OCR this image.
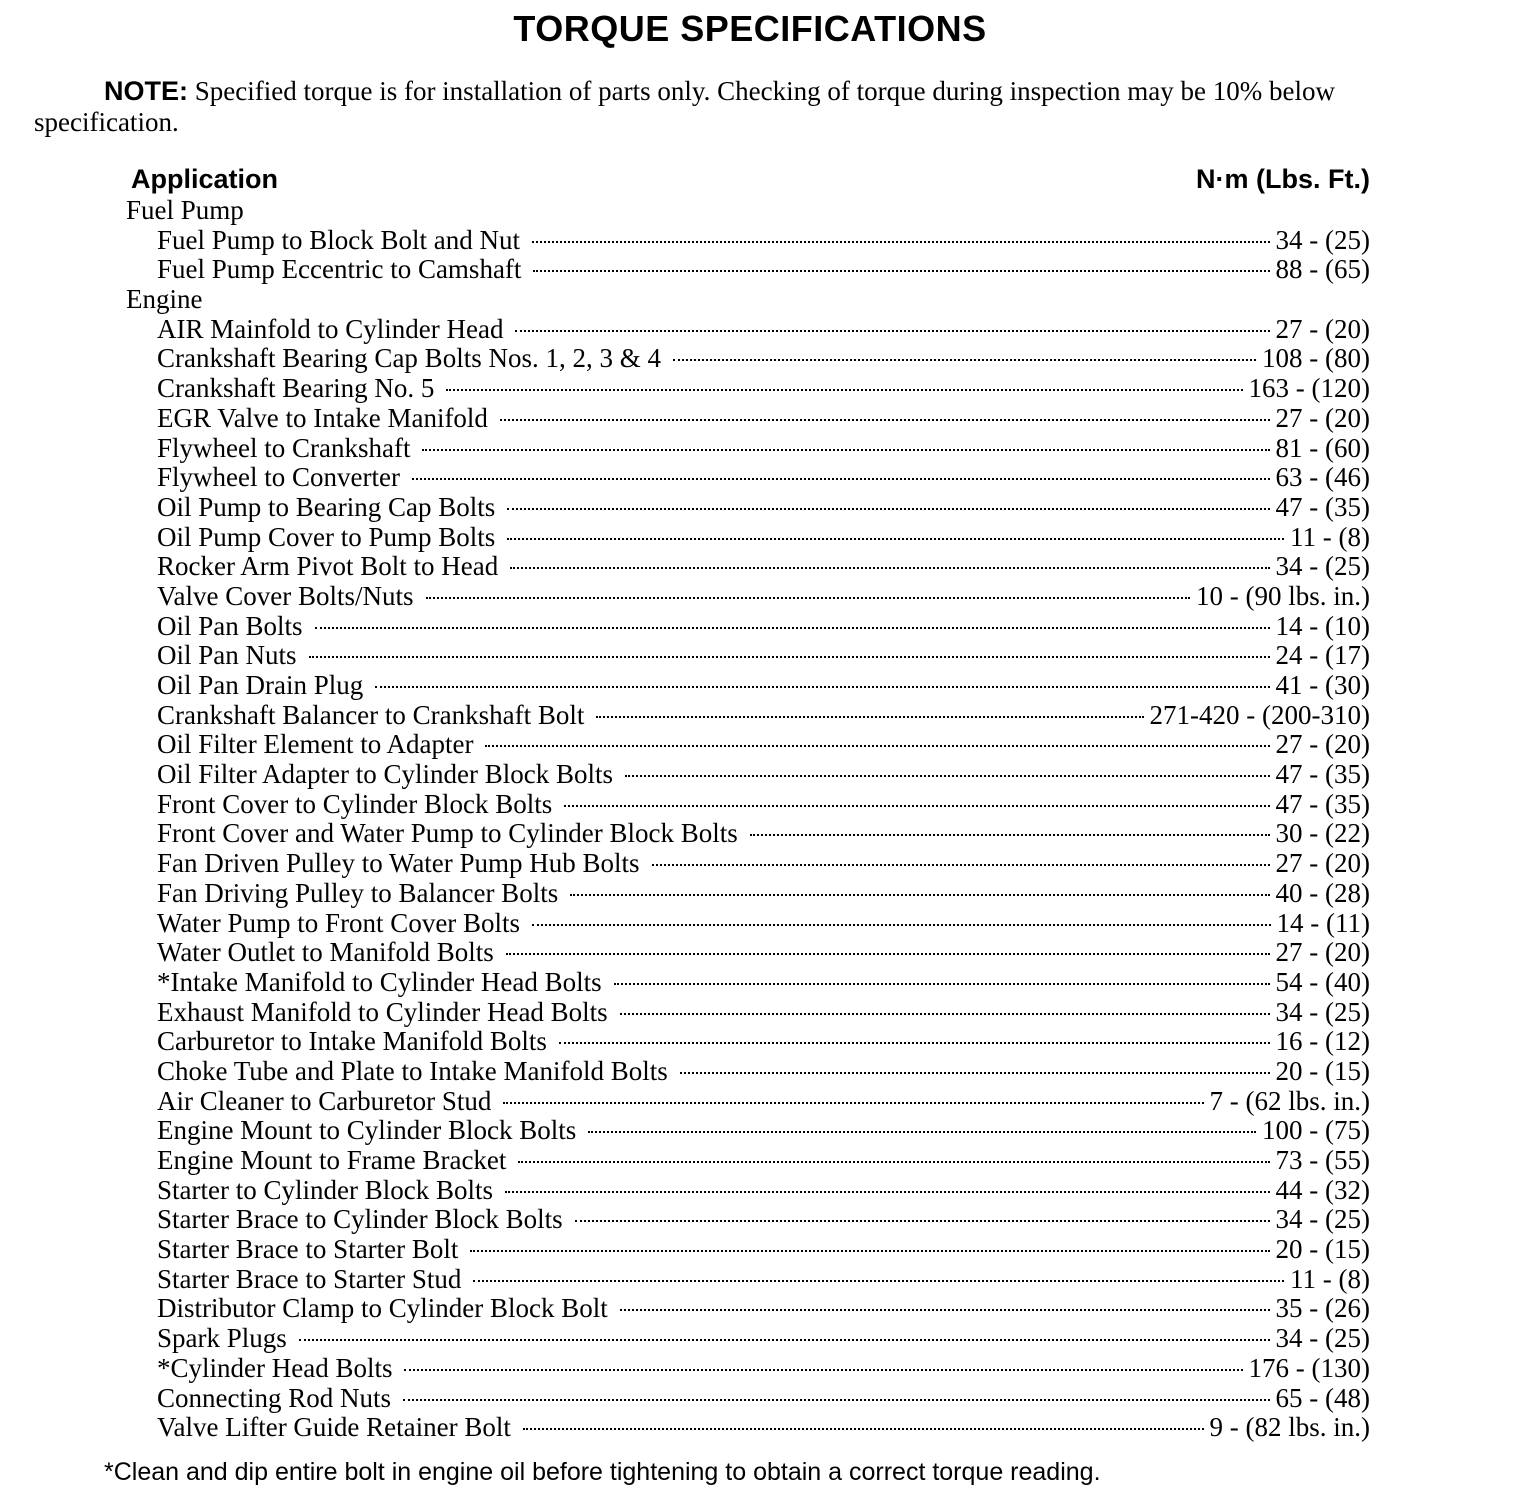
TORQUE SPECIFICATIONS
NOTE: Specified torque is for installation of parts only. Checking of torque during inspection may be 10% below specification.
Application	N·m (Lbs. Ft.)
Fuel Pump
Fuel Pump to Block Bolt and Nut	34 - (25)
Fuel Pump Eccentric to Camshaft	88 - (65)
Engine
AIR Mainfold to Cylinder Head	27 - (20)
Crankshaft Bearing Cap Bolts Nos. 1, 2, 3 & 4	108 - (80)
Crankshaft Bearing No. 5	163 - (120)
EGR Valve to Intake Manifold	27 - (20)
Flywheel to Crankshaft	81 - (60)
Flywheel to Converter	63 - (46)
Oil Pump to Bearing Cap Bolts	47 - (35)
Oil Pump Cover to Pump Bolts	11 - (8)
Rocker Arm Pivot Bolt to Head	34 - (25)
Valve Cover Bolts/Nuts	10 - (90 lbs. in.)
Oil Pan Bolts	14 - (10)
Oil Pan Nuts	24 - (17)
Oil Pan Drain Plug	41 - (30)
Crankshaft Balancer to Crankshaft Bolt	271-420 - (200-310)
Oil Filter Element to Adapter	27 - (20)
Oil Filter Adapter to Cylinder Block Bolts	47 - (35)
Front Cover to Cylinder Block Bolts	47 - (35)
Front Cover and Water Pump to Cylinder Block Bolts	30 - (22)
Fan Driven Pulley to Water Pump Hub Bolts	27 - (20)
Fan Driving Pulley to Balancer Bolts	40 - (28)
Water Pump to Front Cover Bolts	14 - (11)
Water Outlet to Manifold Bolts	27 - (20)
*Intake Manifold to Cylinder Head Bolts	54 - (40)
Exhaust Manifold to Cylinder Head Bolts	34 - (25)
Carburetor to Intake Manifold Bolts	16 - (12)
Choke Tube and Plate to Intake Manifold Bolts	20 - (15)
Air Cleaner to Carburetor Stud	7 - (62 lbs. in.)
Engine Mount to Cylinder Block Bolts	100 - (75)
Engine Mount to Frame Bracket	73 - (55)
Starter to Cylinder Block Bolts	44 - (32)
Starter Brace to Cylinder Block Bolts	34 - (25)
Starter Brace to Starter Bolt	20 - (15)
Starter Brace to Starter Stud	11 - (8)
Distributor Clamp to Cylinder Block Bolt	35 - (26)
Spark Plugs	34 - (25)
*Cylinder Head Bolts	176 - (130)
Connecting Rod Nuts	65 - (48)
Valve Lifter Guide Retainer Bolt	9 - (82 lbs. in.)
*Clean and dip entire bolt in engine oil before tightening to obtain a correct torque reading.
